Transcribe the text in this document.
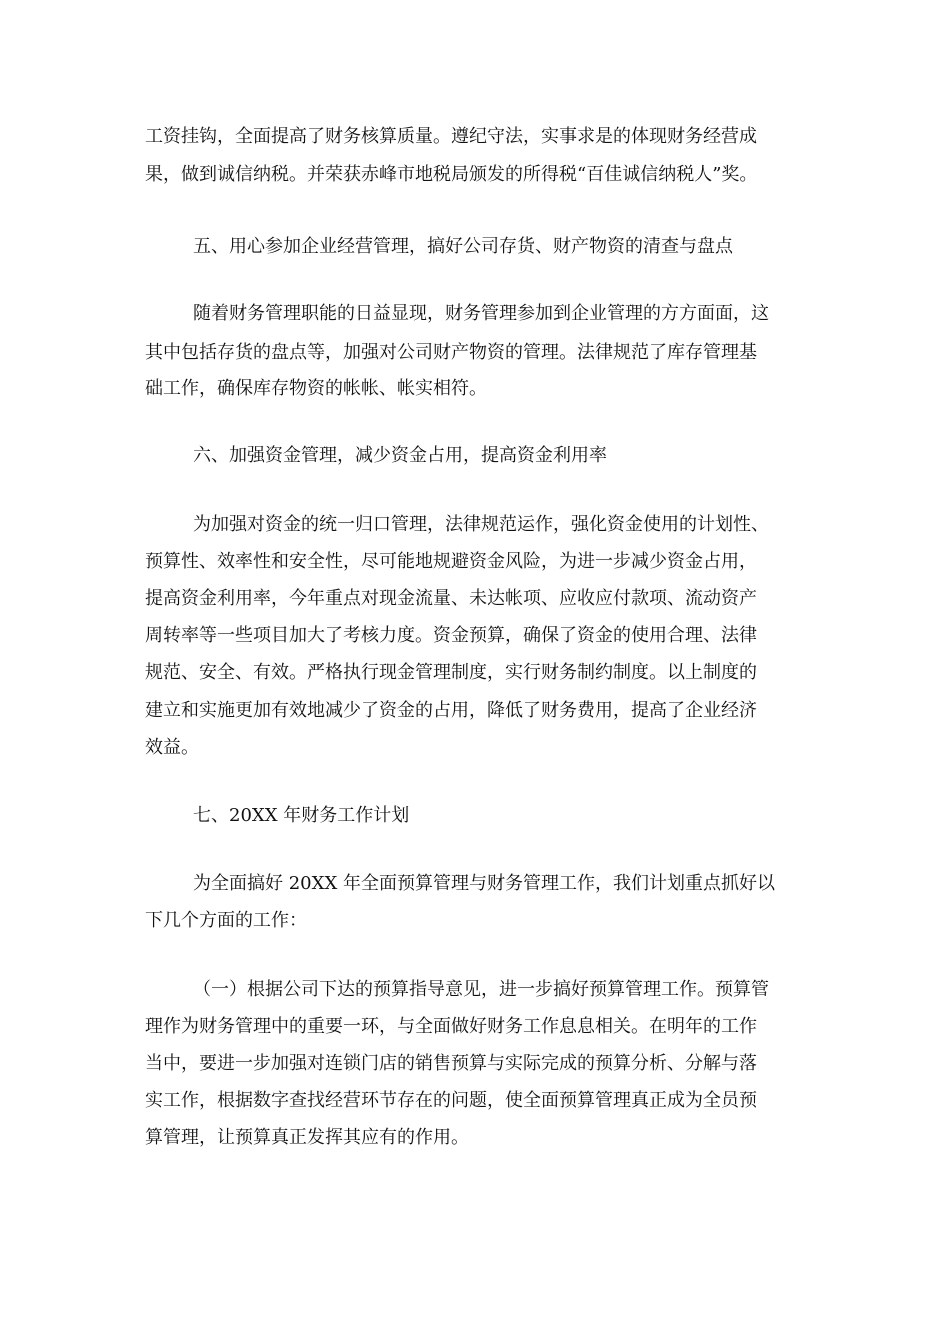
工资挂钩，全面提高了财务核算质量。遵纪守法，实事求是的体现财务经营成
果，做到诚信纳税。并荣获赤峰市地税局颁发的所得税“百佳诚信纳税人”奖。
五、用心参加企业经营管理，搞好公司存货、财产物资的清查与盘点
随着财务管理职能的日益显现，财务管理参加到企业管理的方方面面，这
其中包括存货的盘点等，加强对公司财产物资的管理。法律规范了库存管理基
础工作，确保库存物资的帐帐、帐实相符。
六、加强资金管理，减少资金占用，提高资金利用率
为加强对资金的统一归口管理，法律规范运作，强化资金使用的计划性、
预算性、效率性和安全性，尽可能地规避资金风险，为进一步减少资金占用，
提高资金利用率，今年重点对现金流量、未达帐项、应收应付款项、流动资产
周转率等一些项目加大了考核力度。资金预算，确保了资金的使用合理、法律
规范、安全、有效。严格执行现金管理制度，实行财务制约制度。以上制度的
建立和实施更加有效地减少了资金的占用，降低了财务费用，提高了企业经济
效益。
七、20XX 年财务工作计划
为全面搞好 20XX 年全面预算管理与财务管理工作，我们计划重点抓好以
下几个方面的工作：
（一）根据公司下达的预算指导意见，进一步搞好预算管理工作。预算管
理作为财务管理中的重要一环，与全面做好财务工作息息相关。在明年的工作
当中，要进一步加强对连锁门店的销售预算与实际完成的预算分析、分解与落
实工作，根据数字查找经营环节存在的问题，使全面预算管理真正成为全员预
算管理，让预算真正发挥其应有的作用。
